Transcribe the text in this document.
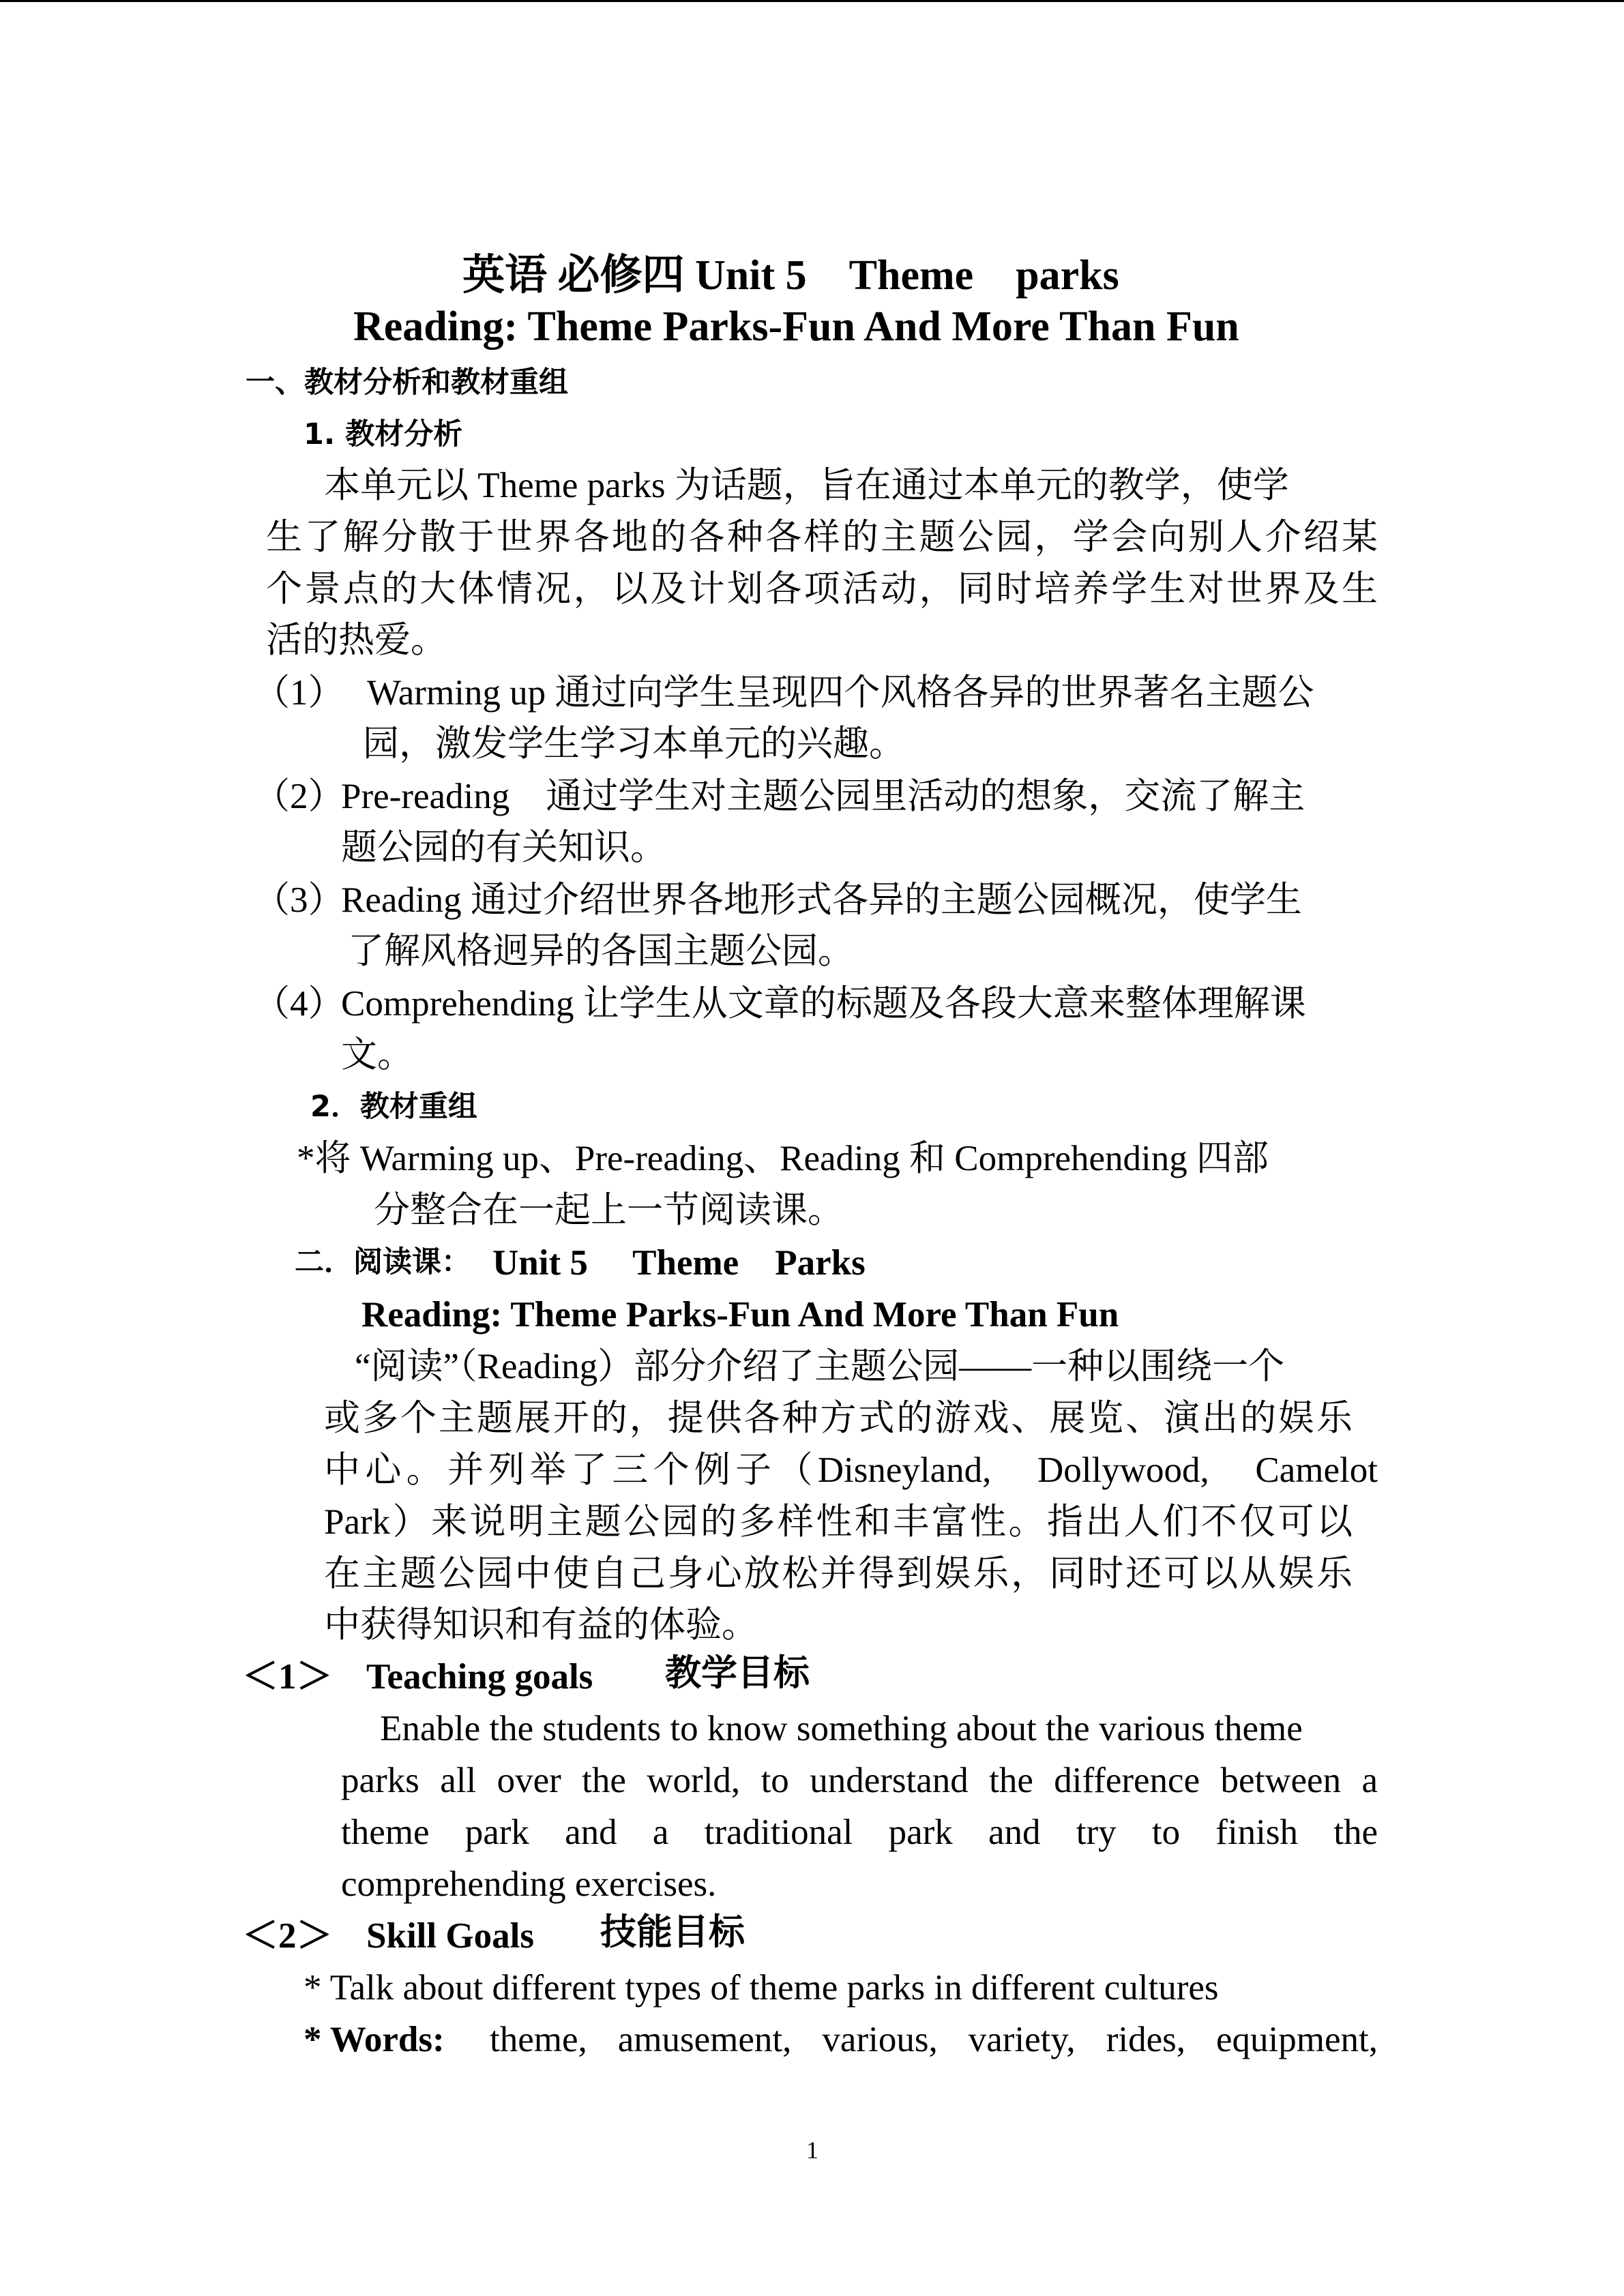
英语 必修四 Unit 5　Theme　parks
Reading: Theme Parks-Fun And More Than Fun
一、教材分析和教材重组
1. 教材分析
本单元以 Theme parks 为话题，旨在通过本单元的教学，使学
生了解分散于世界各地的各种各样的主题公园，学会向别人介绍某
个景点的大体情况，以及计划各项活动，同时培养学生对世界及生
活的热爱。
（1） Warming up 通过向学生呈现四个风格各异的世界著名主题公
园，激发学生学习本单元的兴趣。
（2）
Pre-reading　通过学生对主题公园里活动的想象，交流了解主
题公园的有关知识。
（3）
Reading 通过介绍世界各地形式各异的主题公园概况，使学生
了解风格迥异的各国主题公园。
（4）
Comprehending 让学生从文章的标题及各段大意来整体理解课
文。
2．教材重组
*将 Warming up、Pre-reading、Reading 和 Comprehending 四部
分整合在一起上一节阅读课。
二．阅读课： Unit 5　 Theme　Parks
Reading: Theme Parks-Fun And More Than Fun
“阅读”（Reading）部分介绍了主题公园——一种以围绕一个
或多个主题展开的，提供各种方式的游戏、展览、演出的娱乐
中心。并列举了三个例子（Disneyland,　Dollywood,　Camelot
Park）来说明主题公园的多样性和丰富性。指出人们不仅可以
在主题公园中使自己身心放松并得到娱乐，同时还可以从娱乐
中获得知识和有益的体验。
＜1＞ Teaching goals 教学目标
Enable the students to know something about the various theme
parks all over the world, to understand the difference between a
theme park and a traditional park and try to finish the
comprehending exercises.
＜2＞ Skill Goals 技能目标
* Talk about different types of theme parks in different cultures
* Words: theme, amusement, various, variety, rides, equipment,
1
